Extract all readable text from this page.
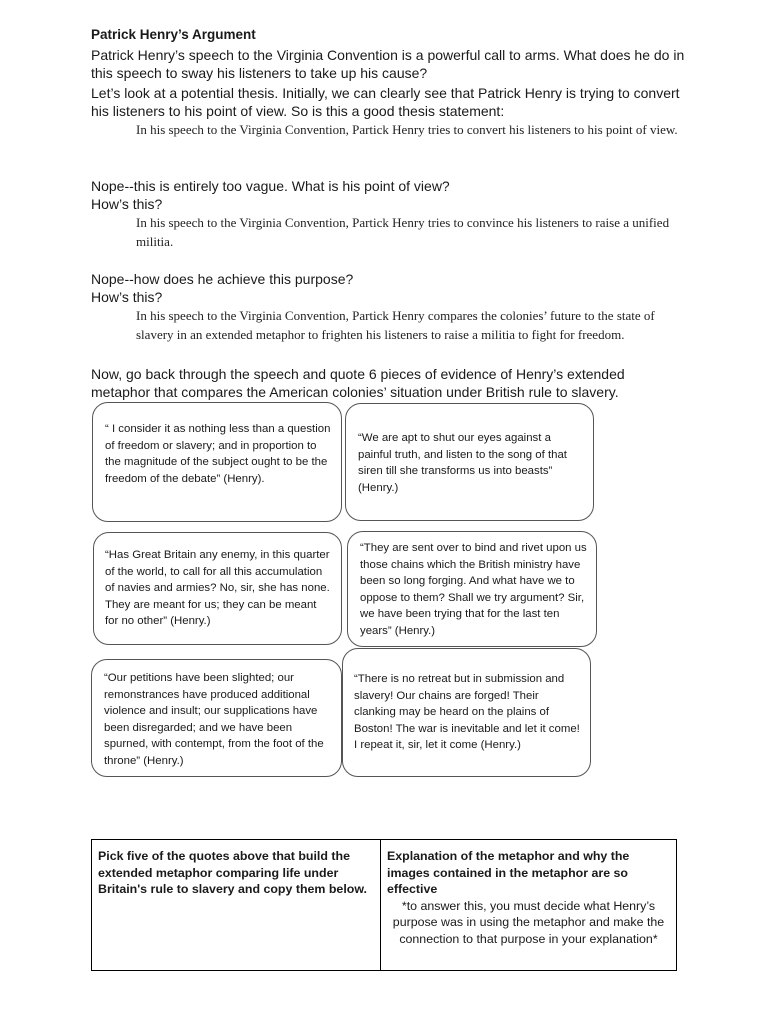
Patrick Henry’s Argument

Patrick Henry’s speech to the Virginia Convention is a powerful call to arms. What does he do in this speech to sway his listeners to take up his cause?

Let’s look at a potential thesis. Initially, we can clearly see that Patrick Henry is trying to convert his listeners to his point of view. So is this a good thesis statement:

In his speech to the Virginia Convention, Partick Henry tries to convert his listeners to his point of view.

Nope--this is entirely too vague. What is his point of view?

How’s this?

In his speech to the Virginia Convention, Partick Henry tries to convince his listeners to raise a unified militia.

Nope--how does he achieve this purpose?

How’s this?

In his speech to the Virginia Convention, Partick Henry compares the colonies’ future to the state of slavery in an extended metaphor to frighten his listeners to raise a militia to fight for freedom.

Now, go back through the speech and quote 6 pieces of evidence of Henry’s extended metaphor that compares the American colonies’ situation under British rule to slavery.

“ I consider it as nothing less than a question of freedom or slavery; and in proportion to the magnitude of the subject ought to be the freedom of the debate” (Henry).

“We are apt to shut our eyes against a painful truth, and listen to the song of that siren till she transforms us into beasts” (Henry.)

“Has Great Britain any enemy, in this quarter of the world, to call for all this accumulation of navies and armies? No, sir, she has none. They are meant for us; they can be meant for no other” (Henry.)

“They are sent over to bind and rivet upon us those chains which the British ministry have been so long forging. And what have we to oppose to them? Shall we try argument? Sir, we have been trying that for the last ten years” (Henry.)

“Our petitions have been slighted; our remonstrances have produced additional violence and insult; our supplications have been disregarded; and we have been spurned, with contempt, from the foot of the throne” (Henry.)

“There is no retreat but in submission and slavery! Our chains are forged! Their clanking may be heard on the plains of Boston! The war is inevitable and let it come! I repeat it, sir, let it come (Henry.)

Pick five of the quotes above that build the extended metaphor comparing life under Britain's rule to slavery and copy them below.	Explanation of the metaphor and why the images contained in the metaphor are so effective
*to answer this, you must decide what Henry’s purpose was in using the metaphor and make the connection to that purpose in your explanation*
